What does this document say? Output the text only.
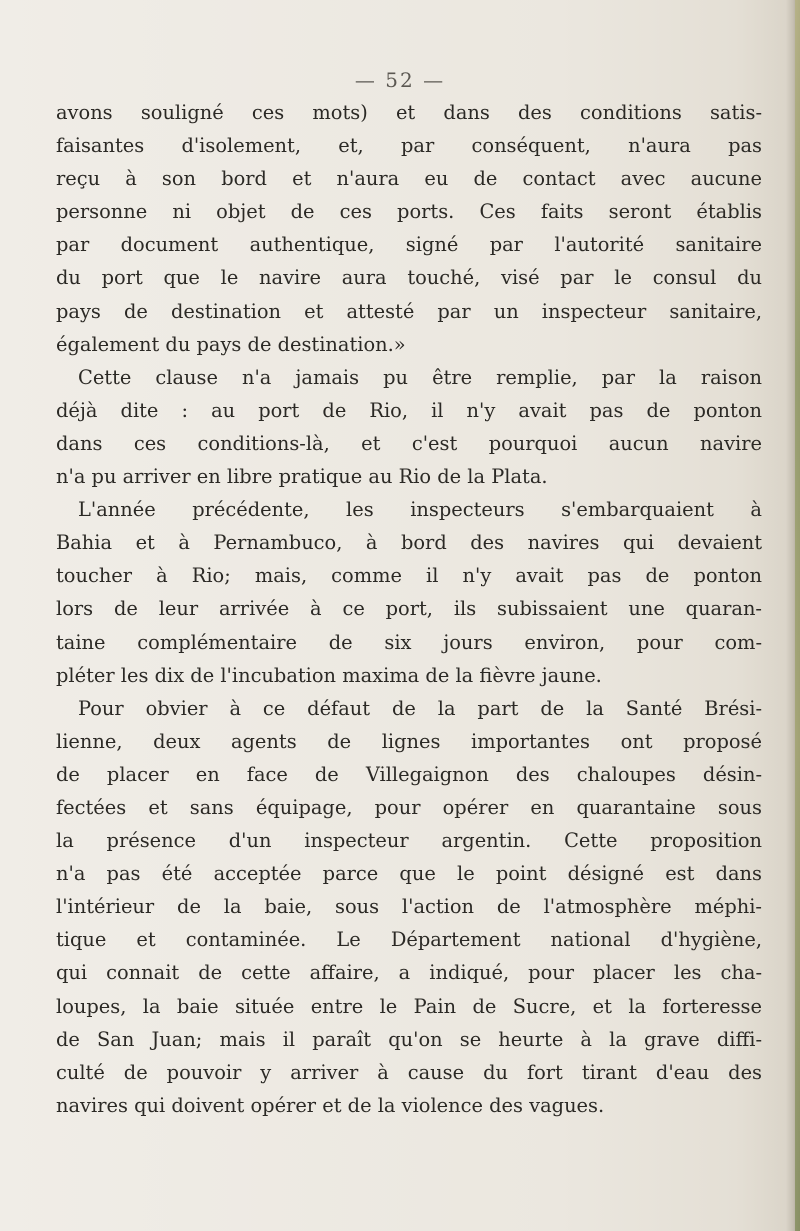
— 52 —
avons souligné ces mots) et dans des conditions satis-
faisantes d'isolement, et, par conséquent, n'aura pas
reçu à son bord et n'aura eu de contact avec aucune
personne ni objet de ces ports. Ces faits seront établis
par document authentique, signé par l'autorité sanitaire
du port que le navire aura touché, visé par le consul du
pays de destination et attesté par un inspecteur sanitaire,
également du pays de destination.»
Cette clause n'a jamais pu être remplie, par la raison
déjà dite : au port de Rio, il n'y avait pas de ponton
dans ces conditions-là, et c'est pourquoi aucun navire
n'a pu arriver en libre pratique au Rio de la Plata.
L'année précédente, les inspecteurs s'embarquaient à
Bahia et à Pernambuco, à bord des navires qui devaient
toucher à Rio; mais, comme il n'y avait pas de ponton
lors de leur arrivée à ce port, ils subissaient une quaran-
taine complémentaire de six jours environ, pour com-
pléter les dix de l'incubation maxima de la fièvre jaune.
Pour obvier à ce défaut de la part de la Santé Brési-
lienne, deux agents de lignes importantes ont proposé
de placer en face de Villegaignon des chaloupes désin-
fectées et sans équipage, pour opérer en quarantaine sous
la présence d'un inspecteur argentin. Cette proposition
n'a pas été acceptée parce que le point désigné est dans
l'intérieur de la baie, sous l'action de l'atmosphère méphi-
tique et contaminée. Le Département national d'hygiène,
qui connait de cette affaire, a indiqué, pour placer les cha-
loupes, la baie située entre le Pain de Sucre, et la forteresse
de San Juan; mais il paraît qu'on se heurte à la grave diffi-
culté de pouvoir y arriver à cause du fort tirant d'eau des
navires qui doivent opérer et de la violence des vagues.
